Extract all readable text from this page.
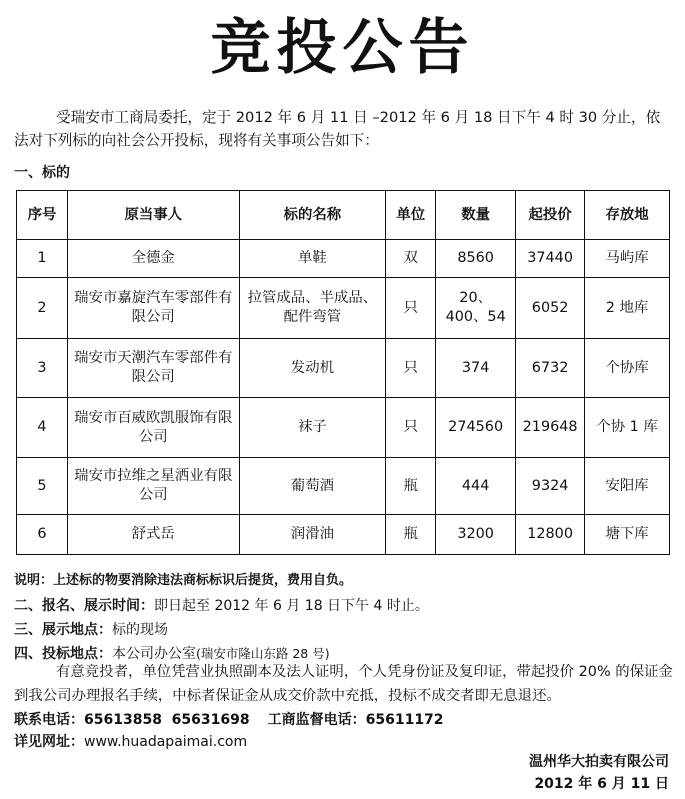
竞投公告
受瑞安市工商局委托，定于 2012 年 6 月 11 日 –2012 年 6 月 18 日下午 4 时 30 分止，依法对下列标的向社会公开投标，现将有关事项公告如下：
一、标的
序号	原当事人	标的名称	单位	数量	起投价	存放地
1	全德金	单鞋	双	8560	37440	马屿库
2	瑞安市嘉旋汽车零部件有限公司	拉管成品、半成品、配件弯管	只	20、400、54	6052	2 地库
3	瑞安市天潮汽车零部件有限公司	发动机	只	374	6732	个协库
4	瑞安市百威欧凯服饰有限公司	袜子	只	274560	219648	个协 1 库
5	瑞安市拉维之星洒业有限公司	葡萄酒	瓶	444	9324	安阳库
6	舒式岳	润滑油	瓶	3200	12800	塘下库
说明：上述标的物要消除违法商标标识后提货，费用自负。
二、报名、展示时间：即日起至 2012 年 6 月 18 日下午 4 时止。
三、展示地点：标的现场
四、投标地点：本公司办公室(瑞安市隆山东路 28 号)
有意竞投者，单位凭营业执照副本及法人证明，个人凭身份证及复印证，带起投价 20% 的保证金到我公司办理报名手续，中标者保证金从成交价款中充抵，投标不成交者即无息退还。
联系电话：65613858  65631698 工商监督电话：65611172
详见网址：www.huadapaimai.com
温州华大拍卖有限公司
2012 年 6 月 11 日
